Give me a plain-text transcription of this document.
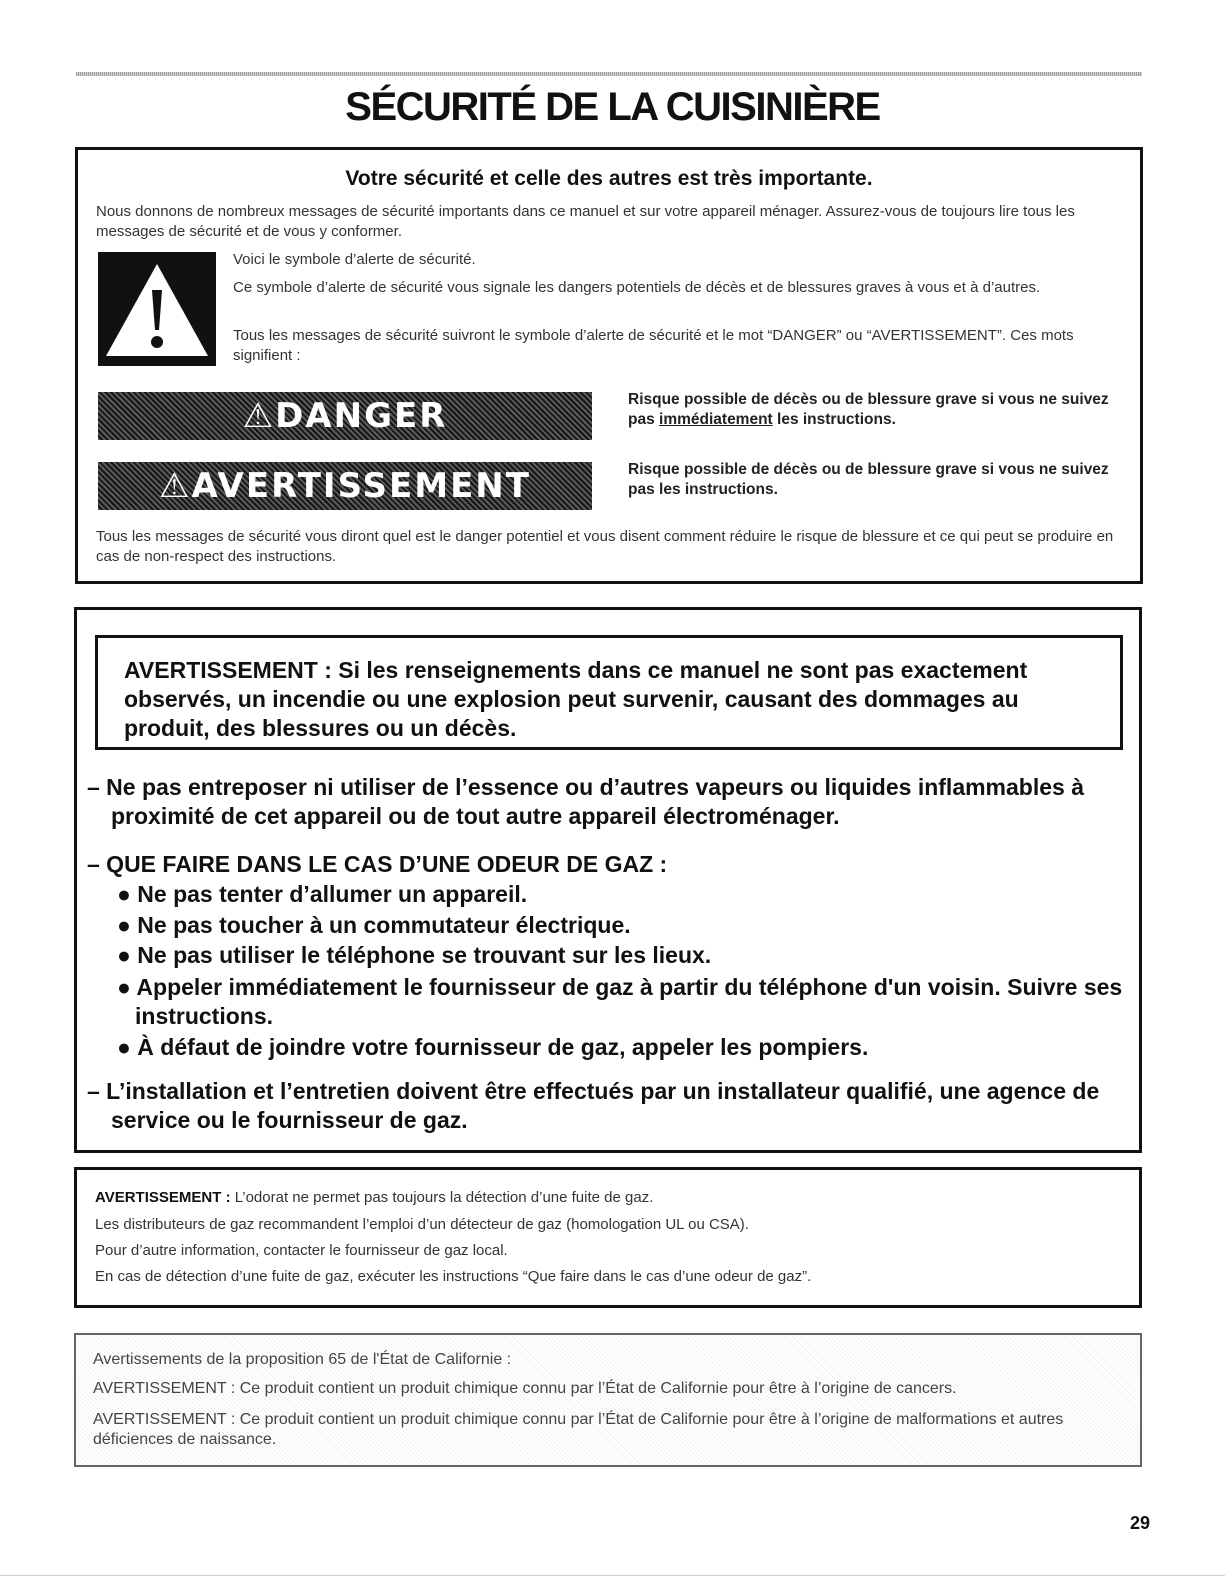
SÉCURITÉ DE LA CUISINIÈRE
Votre sécurité et celle des autres est très importante.
Nous donnons de nombreux messages de sécurité importants dans ce manuel et sur votre appareil ménager. Assurez-vous de toujours lire tous les messages de sécurité et de vous y conformer.
Voici le symbole d’alerte de sécurité.
Ce symbole d’alerte de sécurité vous signale les dangers potentiels de décès et de blessures graves à vous et à d’autres.
Tous les messages de sécurité suivront le symbole d’alerte de sécurité et le mot “DANGER” ou “AVERTISSEMENT”. Ces mots signifient :
⚠DANGER	Risque possible de décès ou de blessure grave si vous ne suivez pas immédiatement les instructions.
⚠AVERTISSEMENT	Risque possible de décès ou de blessure grave si vous ne suivez pas les instructions.
Tous les messages de sécurité vous diront quel est le danger potentiel et vous disent comment réduire le risque de blessure et ce qui peut se produire en cas de non-respect des instructions.
AVERTISSEMENT : Si les renseignements dans ce manuel ne sont pas exactement observés, un incendie ou une explosion peut survenir, causant des dommages au produit, des blessures ou un décès.
– Ne pas entreposer ni utiliser de l’essence ou d’autres vapeurs ou liquides inflammables à proximité de cet appareil ou de tout autre appareil électroménager.
– QUE FAIRE DANS LE CAS D’UNE ODEUR DE GAZ :
● Ne pas tenter d’allumer un appareil.
● Ne pas toucher à un commutateur électrique.
● Ne pas utiliser le téléphone se trouvant sur les lieux.
● Appeler immédiatement le fournisseur de gaz à partir du téléphone d'un voisin. Suivre ses instructions.
● À défaut de joindre votre fournisseur de gaz, appeler les pompiers.
– L’installation et l’entretien doivent être effectués par un installateur qualifié, une agence de service ou le fournisseur de gaz.
AVERTISSEMENT : L’odorat ne permet pas toujours la détection d’une fuite de gaz.
Les distributeurs de gaz recommandent l’emploi d’un détecteur de gaz (homologation UL ou CSA).
Pour d’autre information, contacter le fournisseur de gaz local.
En cas de détection d’une fuite de gaz, exécuter les instructions “Que faire dans le cas d’une odeur de gaz”.
Avertissements de la proposition 65 de l'État de Californie :
AVERTISSEMENT : Ce produit contient un produit chimique connu par l’État de Californie pour être à l’origine de cancers.
AVERTISSEMENT : Ce produit contient un produit chimique connu par l’État de Californie pour être à l’origine de malformations et autres déficiences de naissance.
29
